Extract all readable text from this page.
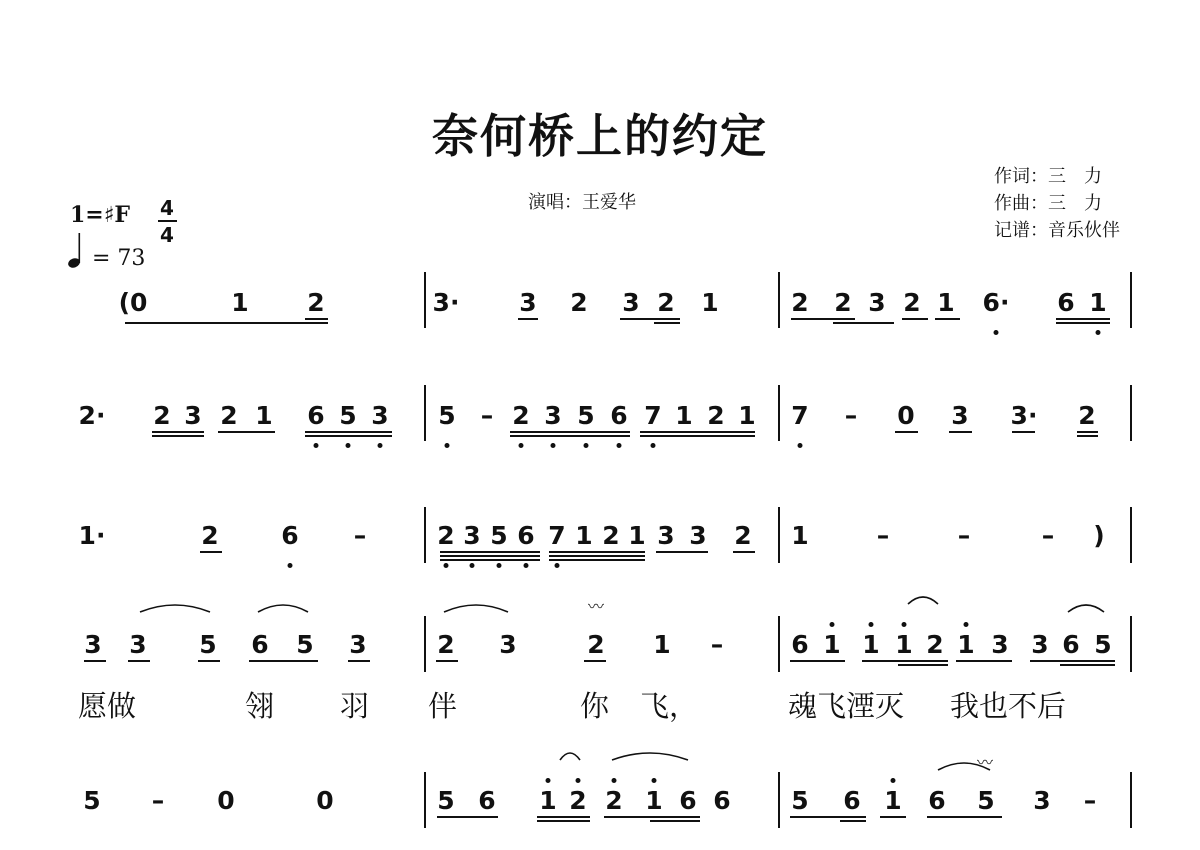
奈何桥上的约定
演唱：王爱华
作词：三　力
作曲：三　力
记谱：音乐伙伴
1=♯F 4
4
= 73
〰
〰
(0	1 2	3· 3 2 3 2 1	2 2 3 2 1 6· 6 1
2· 2 3 2 1 6 5 3 5 – 2 3 5 6 7 1 2 1 7 – 0 3 3· 2
1·	2	6 –	2 3 5 6 7 1 2 1 3 3 2 1	–	–	– )
3 3 5 6 5 3	2 3	2 1 –	6 1 1 1 2 1 3 3 6 5
5 – 0	0	5 6 1 2 2 1 6 6 5 6 1 6 5 3 –
愿做	翎 羽 伴	你 飞，	魂飞湮灭 我也不后
